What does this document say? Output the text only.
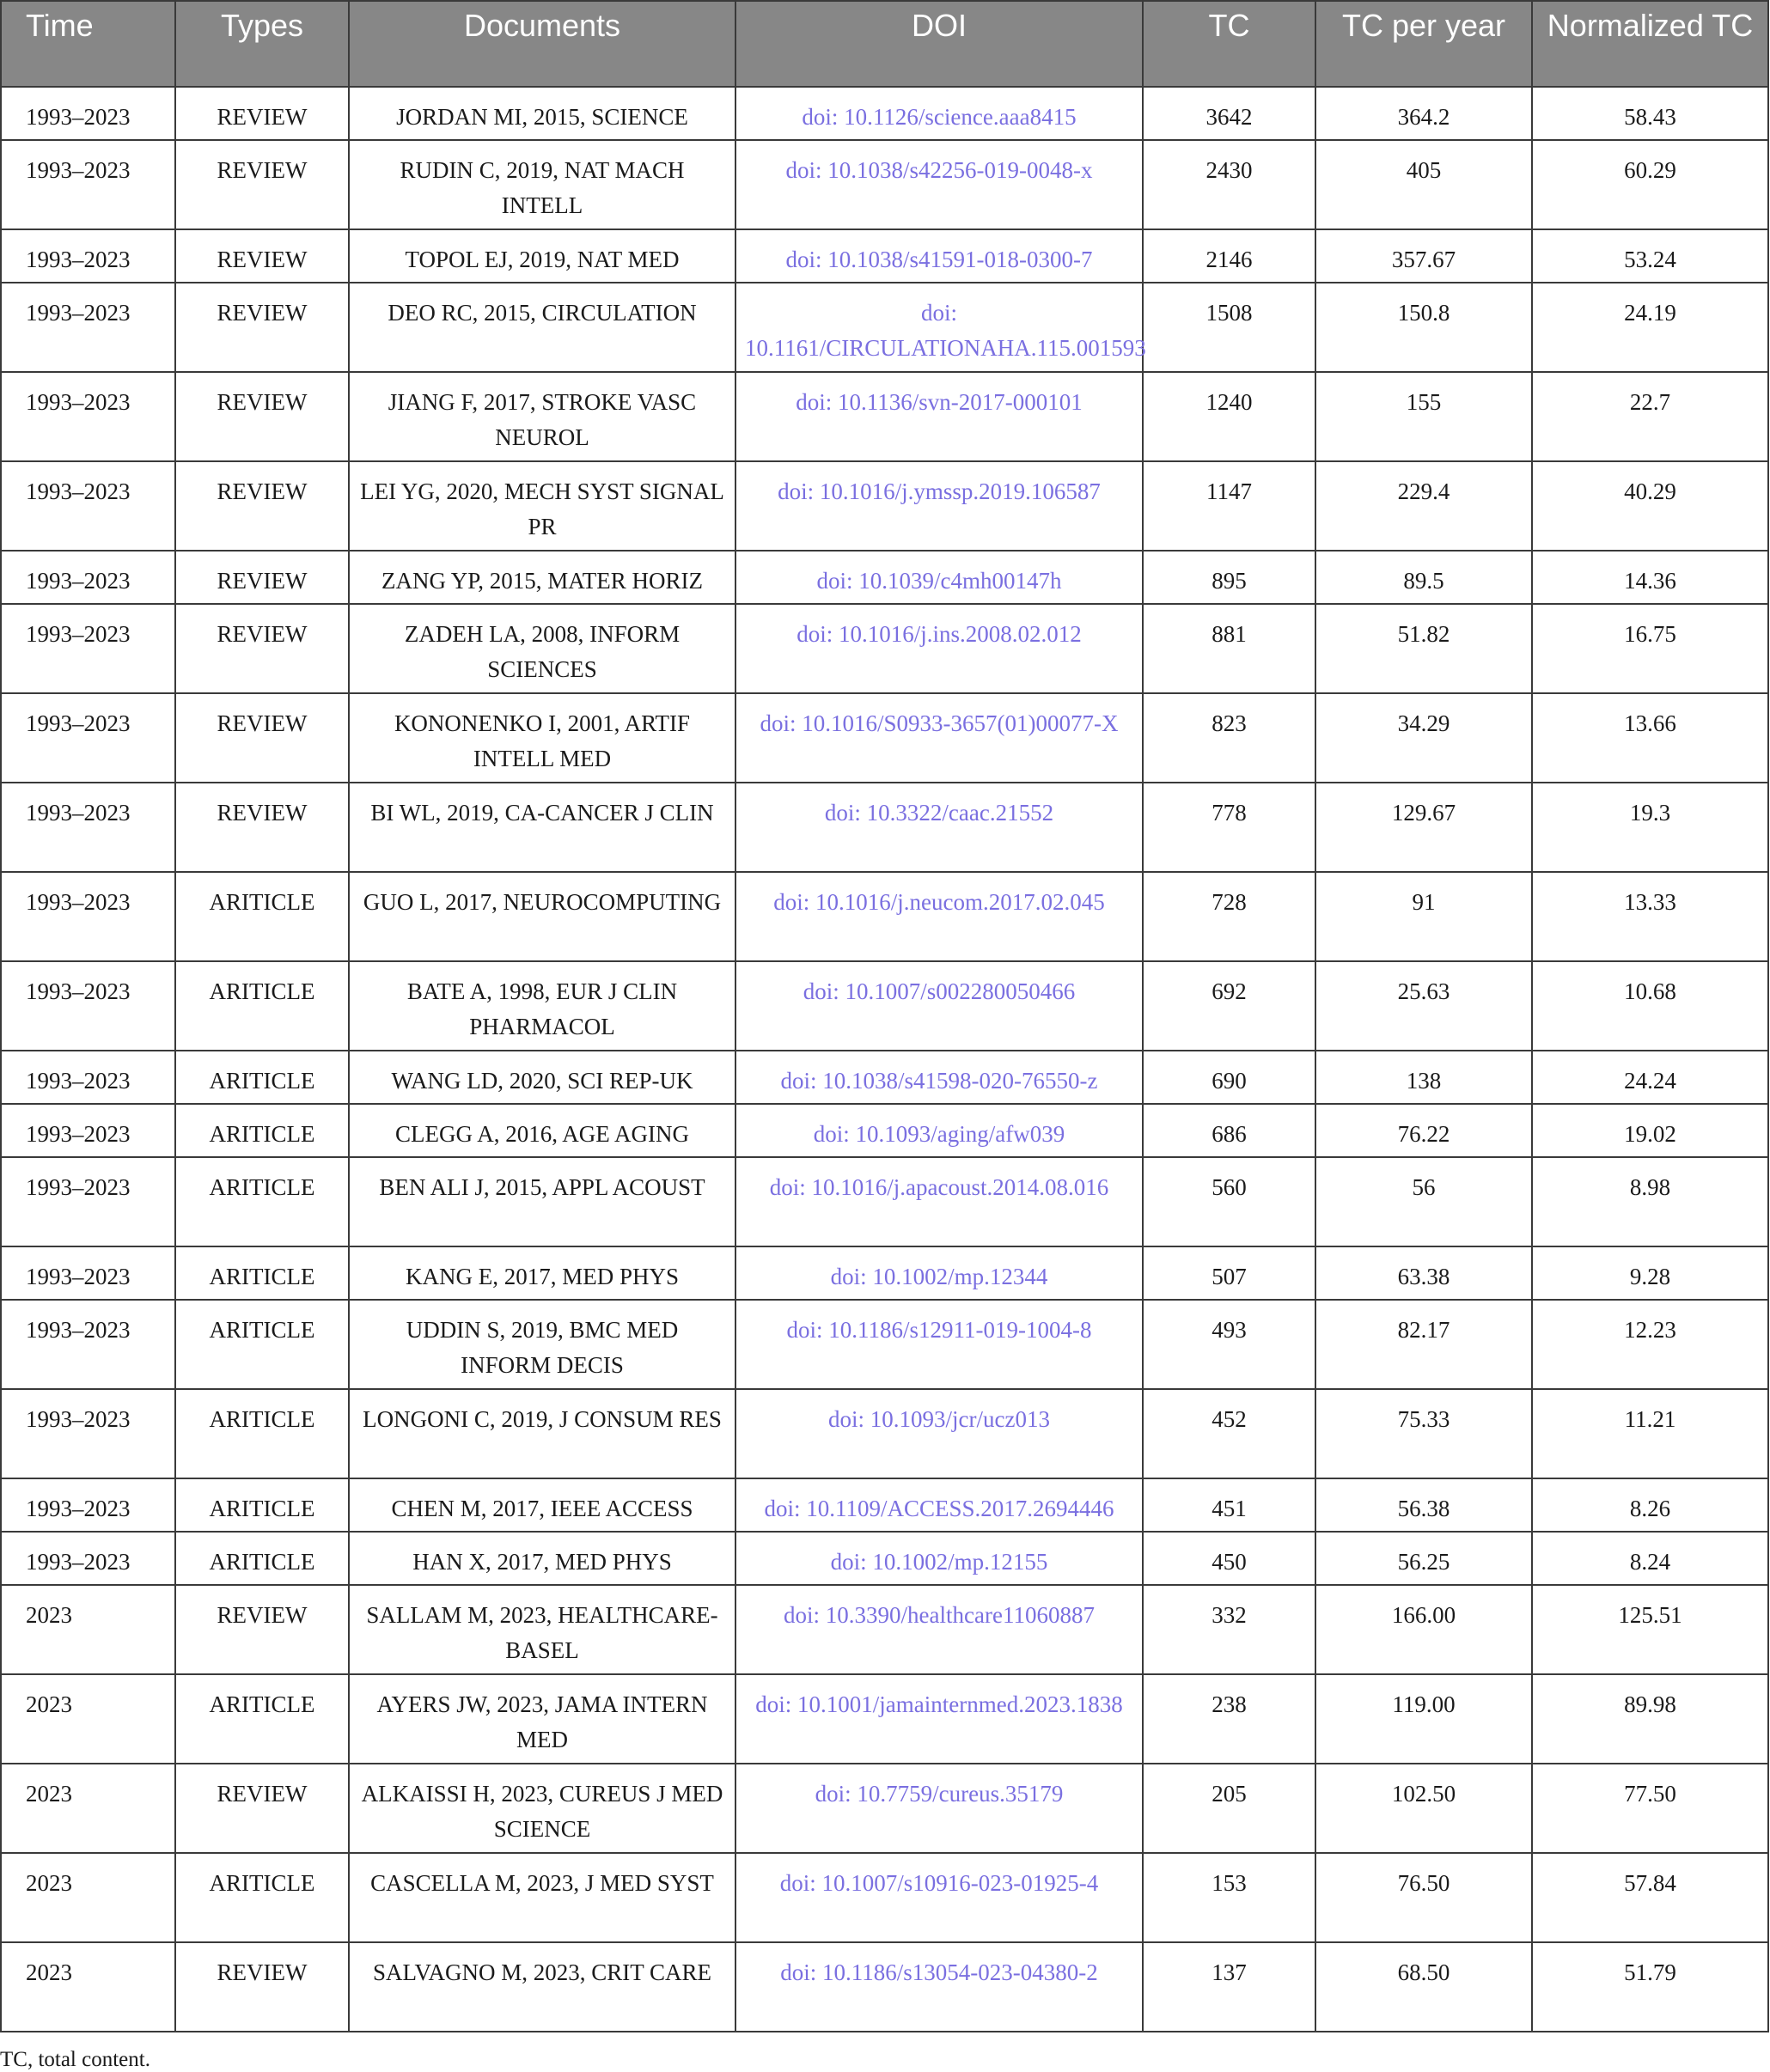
Time	Types	Documents	DOI	TC	TC per year	Normalized TC
1993–2023	REVIEW	JORDAN MI, 2015, SCIENCE	doi: 10.1126/science.aaa8415	3642	364.2	58.43
1993–2023	REVIEW	RUDIN C, 2019, NAT MACH INTELL	doi: 10.1038/s42256-019-0048-x	2430	405	60.29
1993–2023	REVIEW	TOPOL EJ, 2019, NAT MED	doi: 10.1038/s41591-018-0300-7	2146	357.67	53.24
1993–2023	REVIEW	DEO RC, 2015, CIRCULATION	doi: 10.1161/CIRCULATIONAHA.115.001593	1508	150.8	24.19
1993–2023	REVIEW	JIANG F, 2017, STROKE VASC NEUROL	doi: 10.1136/svn-2017-000101	1240	155	22.7
1993–2023	REVIEW	LEI YG, 2020, MECH SYST SIGNAL PR	doi: 10.1016/j.ymssp.2019.106587	1147	229.4	40.29
1993–2023	REVIEW	ZANG YP, 2015, MATER HORIZ	doi: 10.1039/c4mh00147h	895	89.5	14.36
1993–2023	REVIEW	ZADEH LA, 2008, INFORM SCIENCES	doi: 10.1016/j.ins.2008.02.012	881	51.82	16.75
1993–2023	REVIEW	KONONENKO I, 2001, ARTIF INTELL MED	doi: 10.1016/S0933-3657(01)00077-X	823	34.29	13.66
1993–2023	REVIEW	BI WL, 2019, CA-CANCER J CLIN	doi: 10.3322/caac.21552	778	129.67	19.3
1993–2023	ARITICLE	GUO L, 2017, NEUROCOMPUTING	doi: 10.1016/j.neucom.2017.02.045	728	91	13.33
1993–2023	ARITICLE	BATE A, 1998, EUR J CLIN PHARMACOL	doi: 10.1007/s002280050466	692	25.63	10.68
1993–2023	ARITICLE	WANG LD, 2020, SCI REP-UK	doi: 10.1038/s41598-020-76550-z	690	138	24.24
1993–2023	ARITICLE	CLEGG A, 2016, AGE AGING	doi: 10.1093/aging/afw039	686	76.22	19.02
1993–2023	ARITICLE	BEN ALI J, 2015, APPL ACOUST	doi: 10.1016/j.apacoust.2014.08.016	560	56	8.98
1993–2023	ARITICLE	KANG E, 2017, MED PHYS	doi: 10.1002/mp.12344	507	63.38	9.28
1993–2023	ARITICLE	UDDIN S, 2019, BMC MED INFORM DECIS	doi: 10.1186/s12911-019-1004-8	493	82.17	12.23
1993–2023	ARITICLE	LONGONI C, 2019, J CONSUM RES	doi: 10.1093/jcr/ucz013	452	75.33	11.21
1993–2023	ARITICLE	CHEN M, 2017, IEEE ACCESS	doi: 10.1109/ACCESS.2017.2694446	451	56.38	8.26
1993–2023	ARITICLE	HAN X, 2017, MED PHYS	doi: 10.1002/mp.12155	450	56.25	8.24
2023	REVIEW	SALLAM M, 2023, HEALTHCARE-BASEL	doi: 10.3390/healthcare11060887	332	166.00	125.51
2023	ARITICLE	AYERS JW, 2023, JAMA INTERN MED	doi: 10.1001/jamainternmed.2023.1838	238	119.00	89.98
2023	REVIEW	ALKAISSI H, 2023, CUREUS J MED SCIENCE	doi: 10.7759/cureus.35179	205	102.50	77.50
2023	ARITICLE	CASCELLA M, 2023, J MED SYST	doi: 10.1007/s10916-023-01925-4	153	76.50	57.84
2023	REVIEW	SALVAGNO M, 2023, CRIT CARE	doi: 10.1186/s13054-023-04380-2	137	68.50	51.79
TC, total content.
